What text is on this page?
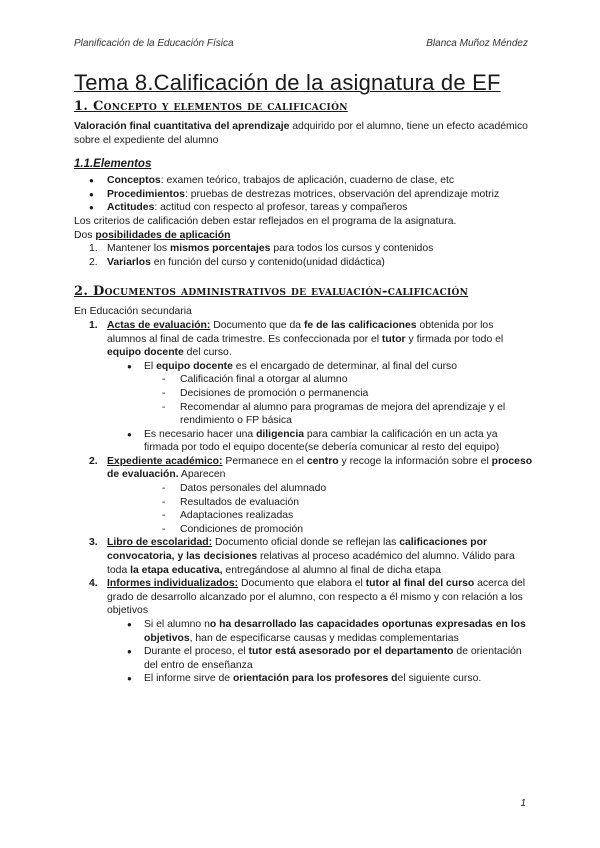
Planificación de la Educación Física	Blanca Muñoz Méndez
Tema 8.Calificación de la asignatura de EF
1. Concepto y elementos de calificación

Valoración final cuantitativa del aprendizaje adquirido por el alumno, tiene un efecto académico sobre el expediente del alumno

1.1.Elementos
● Conceptos: examen teórico, trabajos de aplicación, cuaderno de clase, etc
● Procedimientos: pruebas de destrezas motrices, observación del aprendizaje motriz
● Actitudes: actitud con respecto al profesor, tareas y compañeros

Los criterios de calificación deben estar reflejados en el programa de la asignatura.

Dos posibilidades de aplicación

1. Mantener los mismos porcentajes para todos los cursos y contenidos
2. Variarlos en función del curso y contenido(unidad didáctica)
2. Documentos administrativos de evaluación-calificación

En Educación secundaria

1. Actas de evaluación: Documento que da fe de las calificaciones obtenida por los alumnos al final de cada trimestre. Es confeccionada por el tutor y firmada por todo el equipo docente del curso.
● El equipo docente es el encargado de determinar, al final del curso
- Calificación final a otorgar al alumno
- Decisiones de promoción o permanencia
- Recomendar al alumno para programas de mejora del aprendizaje y el rendimiento o FP básica
● Es necesario hacer una diligencia para cambiar la calificación en un acta ya firmada por todo el equipo docente(se debería comunicar al resto del equipo)
2. Expediente académico: Permanece en el centro y recoge la información sobre el proceso de evaluación. Aparecen
- Datos personales del alumnado
- Resultados de evaluación
- Adaptaciones realizadas
- Condiciones de promoción
3. Libro de escolaridad: Documento oficial donde se reflejan las calificaciones por convocatoria, y las decisiones relativas al proceso académico del alumno. Válido para toda la etapa educativa, entregándose al alumno al final de dicha etapa
4. Informes individualizados: Documento que elabora el tutor al final del curso acerca del grado de desarrollo alcanzado por el alumno, con respecto a él mismo y con relación a los objetivos
● Si el alumno no ha desarrollado las capacidades oportunas expresadas en los objetivos, han de especificarse causas y medidas complementarias
● Durante el proceso, el tutor está asesorado por el departamento de orientación del entro de enseñanza
● El informe sirve de orientación para los profesores del siguiente curso.
1
